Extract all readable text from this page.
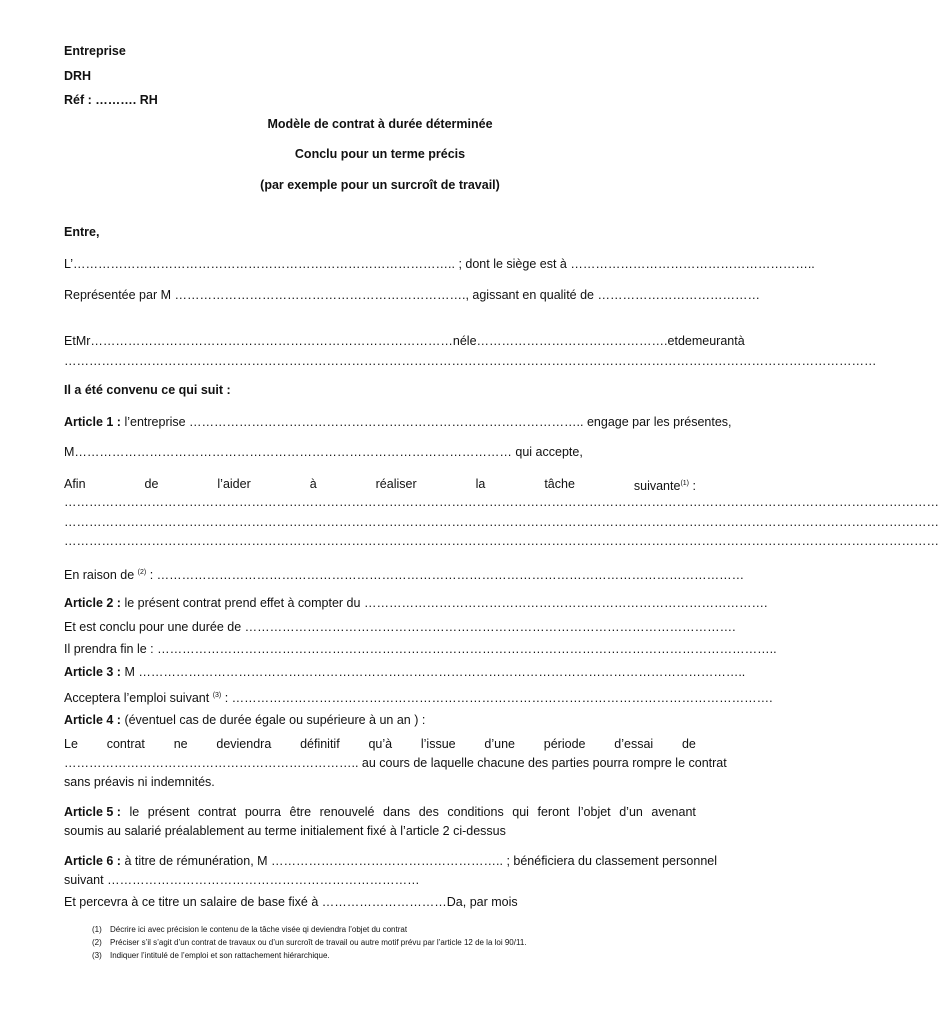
Entreprise
DRH
Réf : ………. RH
Modèle de contrat à durée déterminée
Conclu pour un terme précis
(par exemple pour un surcroît de travail)
Entre,
L’……………………………………………………………………………….. ; dont le siège est à …………………………………………………..
Représentée par M ……………………………………………………………., agissant en qualité de …………………………………
Et Mr……………………………………………………………………………né le ………………………………………. et demeurant à
……………………………………………………………………………………………………………………………………………………………………………
Il a été convenu ce qui suit :
Article 1 : l’entreprise ………………………………………………………………………………….. engage par les présentes,
M…………………………………………………………………………………………… qui accepte,
Afin	de	l’aider	à	réaliser	la	tâche	suivante$^{(1)}$ :
…………………………………………………………………………………………………………………………………………………………………………………………
…………………………………………………………………………………………………………………………………………………………………………………………
…………………………………………………………………………………………………………………………………………………………………………………………
En raison de $^{(2)}$ : ……………………………………………………………………………………………………………………………
Article 2 : le présent contrat prend effet à compter du …………………………………………………………………………………….
Et est conclu pour une durée de ……………………………………………………………………………………………………….
Il prendra fin le : …………………………………………………………………………………………………………………………………..
Article 3 : M ………………………………………………………………………………………………………………………………..
Acceptera l’emploi suivant $^{(3)}$ : ………………………………………………………………………………………………………………….
Article 4 : (éventuel cas de durée égale ou supérieure à un an ) :
Le contrat ne deviendra définitif qu’à l’issue d’une période d’essai de
…………………………………………………………….. au cours de laquelle chacune des parties pourra rompre le contrat
sans préavis ni indemnités.
Article 5 : le présent contrat pourra être renouvelé dans des conditions qui feront l’objet d’un avenant
soumis au salarié préalablement au terme initialement fixé à l’article 2 ci-dessus
Article 6 : à titre de rémunération, M ……………………………………………….. ; bénéficiera du classement personnel
suivant …………………………………………………………………
Et percevra à ce titre un salaire de base fixé à …………………………Da, par mois
(1) Décrire ici avec précision le contenu de la tâche visée qi deviendra l’objet du contrat
(2) Préciser s’il s’agit d’un contrat de travaux ou d’un surcroît de travail ou autre motif prévu par l’article 12 de la loi 90/11.
(3) Indiquer l’intitulé de l’emploi et son rattachement hiérarchique.
